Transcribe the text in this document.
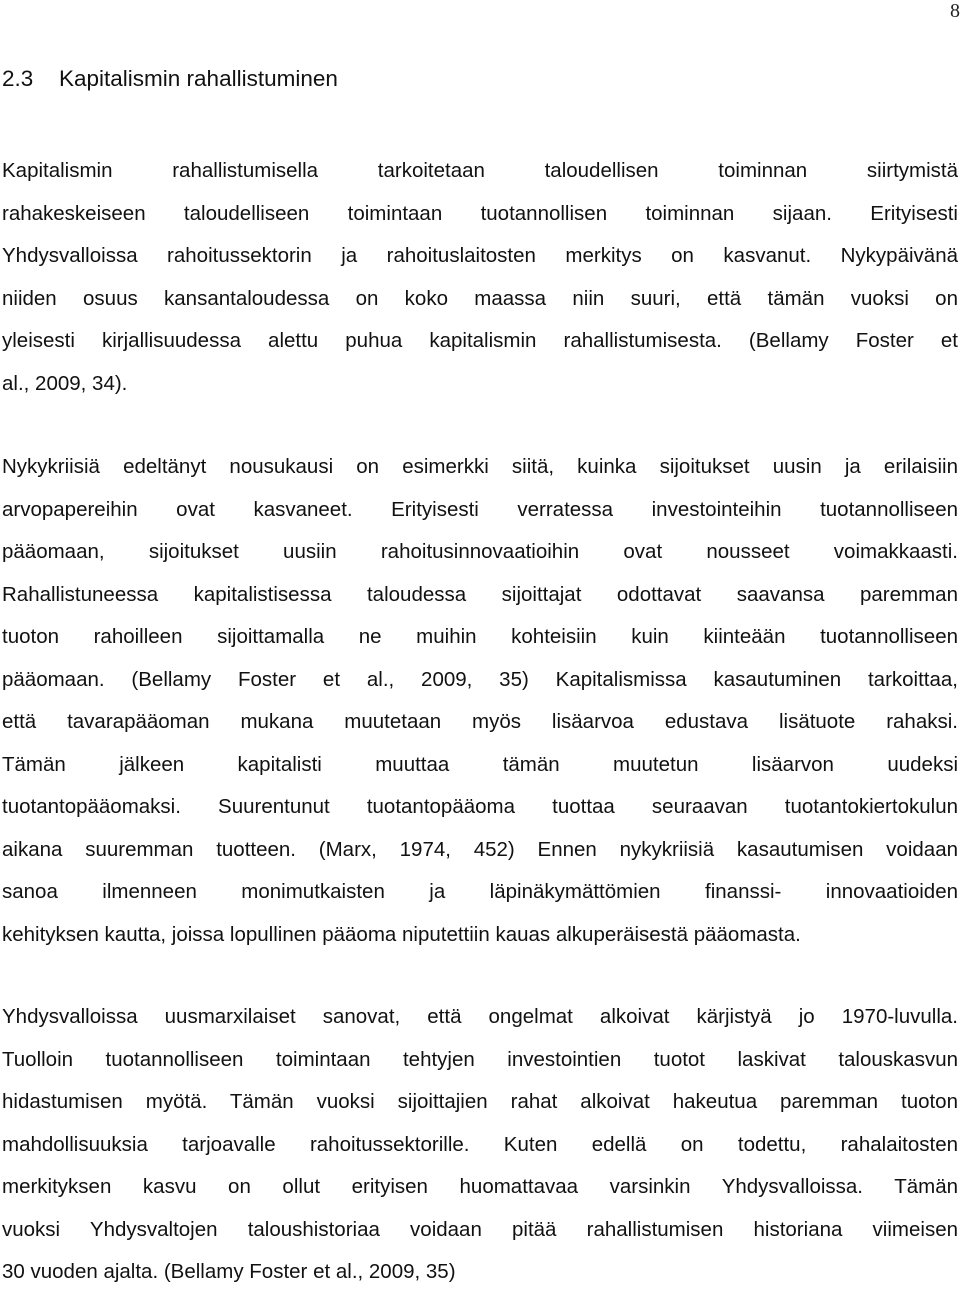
8
2.3 Kapitalismin rahallistuminen
Kapitalismin rahallistumisella tarkoitetaan taloudellisen toiminnan siirtymistä
rahakeskeiseen taloudelliseen toimintaan tuotannollisen toiminnan sijaan. Erityisesti
Yhdysvalloissa rahoitussektorin ja rahoituslaitosten merkitys on kasvanut. Nykypäivänä
niiden osuus kansantaloudessa on koko maassa niin suuri, että tämän vuoksi on
yleisesti kirjallisuudessa alettu puhua kapitalismin rahallistumisesta. (Bellamy Foster et
al., 2009, 34).
Nykykriisiä edeltänyt nousukausi on esimerkki siitä, kuinka sijoitukset uusin ja erilaisiin
arvopapereihin ovat kasvaneet. Erityisesti verratessa investointeihin tuotannolliseen
pääomaan, sijoitukset uusiin rahoitusinnovaatioihin ovat nousseet voimakkaasti.
Rahallistuneessa kapitalistisessa taloudessa sijoittajat odottavat saavansa paremman
tuoton rahoilleen sijoittamalla ne muihin kohteisiin kuin kiinteään tuotannolliseen
pääomaan. (Bellamy Foster et al., 2009, 35) Kapitalismissa kasautuminen tarkoittaa,
että tavarapääoman mukana muutetaan myös lisäarvoa edustava lisätuote rahaksi.
Tämän jälkeen kapitalisti muuttaa tämän muutetun lisäarvon uudeksi
tuotantopääomaksi. Suurentunut tuotantopääoma tuottaa seuraavan tuotantokiertokulun
aikana suuremman tuotteen. (Marx, 1974, 452) Ennen nykykriisiä kasautumisen voidaan
sanoa ilmenneen monimutkaisten ja läpinäkymättömien finanssi- innovaatioiden
kehityksen kautta, joissa lopullinen pääoma niputettiin kauas alkuperäisestä pääomasta.
Yhdysvalloissa uusmarxilaiset sanovat, että ongelmat alkoivat kärjistyä jo 1970-luvulla.
Tuolloin tuotannolliseen toimintaan tehtyjen investointien tuotot laskivat talouskasvun
hidastumisen myötä. Tämän vuoksi sijoittajien rahat alkoivat hakeutua paremman tuoton
mahdollisuuksia tarjoavalle rahoitussektorille. Kuten edellä on todettu, rahalaitosten
merkityksen kasvu on ollut erityisen huomattavaa varsinkin Yhdysvalloissa. Tämän
vuoksi Yhdysvaltojen taloushistoriaa voidaan pitää rahallistumisen historiana viimeisen
30 vuoden ajalta. (Bellamy Foster et al., 2009, 35)
